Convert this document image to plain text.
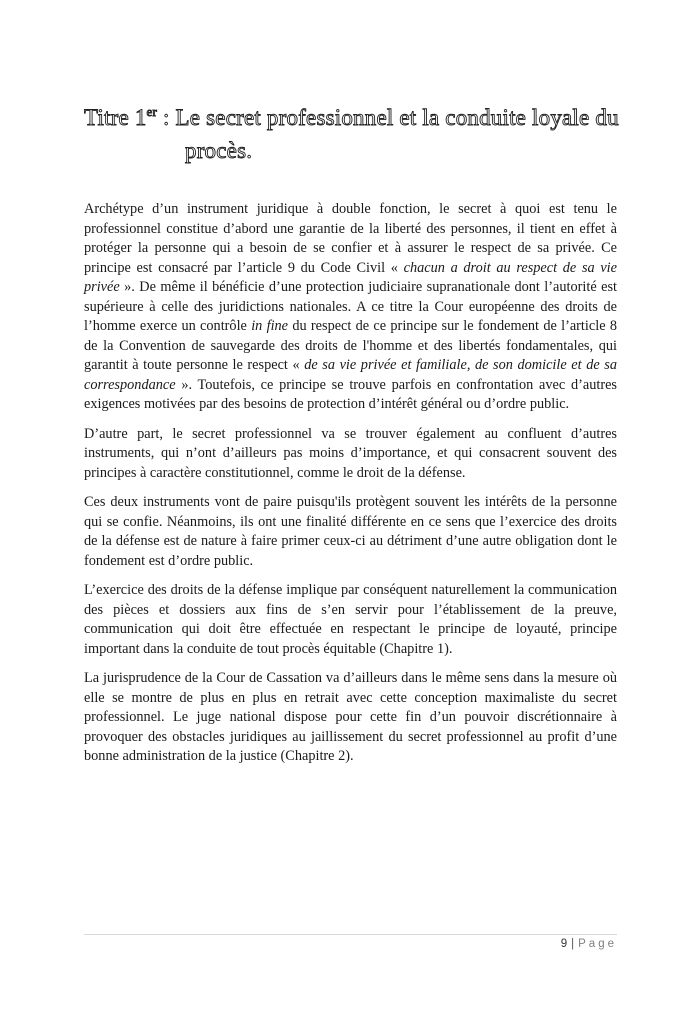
Titre 1er : Le secret professionnel et la conduite loyale du
procès.

Archétype d’un instrument juridique à double fonction, le secret à quoi est tenu le professionnel constitue d’abord une garantie de la liberté des personnes, il tient en effet à protéger la personne qui a besoin de se confier et à assurer le respect de sa privée. Ce principe est consacré par l’article 9 du Code Civil « chacun a droit au respect de sa vie privée ». De même il bénéficie d’une protection judiciaire supranationale dont l’autorité est supérieure à celle des juridictions nationales. A ce titre la Cour européenne des droits de l’homme exerce un contrôle in fine du respect de ce principe sur le fondement de l’article 8 de la Convention de sauvegarde des droits de l'homme et des libertés fondamentales, qui garantit à toute personne le respect « de sa vie privée et familiale, de son domicile et de sa correspondance ». Toutefois, ce principe se trouve parfois en confrontation avec d’autres exigences motivées par des besoins de protection d’intérêt général ou d’ordre public.

D’autre part, le secret professionnel va se trouver également au confluent d’autres instruments, qui n’ont d’ailleurs pas moins d’importance, et qui consacrent souvent des principes à caractère constitutionnel, comme le droit de la défense.

Ces deux instruments vont de paire puisqu'ils protègent souvent les intérêts de la personne qui se confie. Néanmoins, ils ont une finalité différente en ce sens que l’exercice des droits de la défense est de nature à faire primer ceux-ci au détriment d’une autre obligation dont le fondement est d’ordre public.

L’exercice des droits de la défense implique par conséquent naturellement la communication des pièces et dossiers aux fins de s’en servir pour l’établissement de la preuve, communication qui doit être effectuée en respectant le principe de loyauté, principe important dans la conduite de tout procès équitable (Chapitre 1).

La jurisprudence de la Cour de Cassation va d’ailleurs dans le même sens dans la mesure où elle se montre de plus en plus en retrait avec cette conception maximaliste du secret professionnel. Le juge national dispose pour cette fin d’un pouvoir discrétionnaire à provoquer des obstacles juridiques au jaillissement du secret professionnel au profit d’une bonne administration de la justice (Chapitre 2).

9 | Page
